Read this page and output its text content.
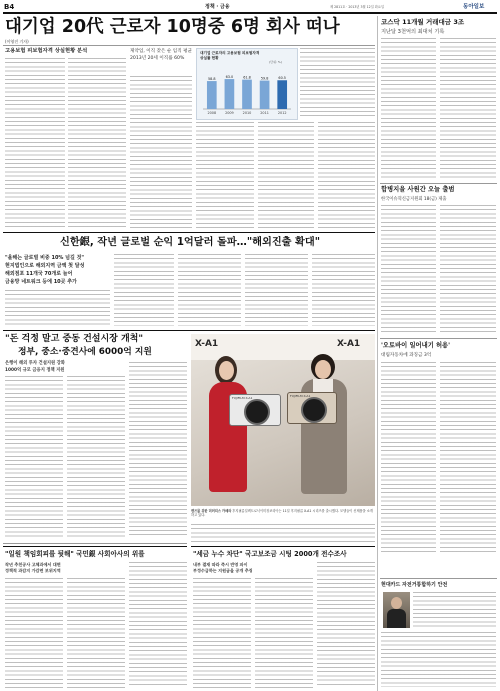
B4	정책 · 금융	제 2811호 · 2013년 3월 12일 화요일	동아일보
대기업 20代 근로자 10명중 6명 회사 떠나
(이영진 기자)
고용보험 피보험자격 상실현황 분석	제약업, 이직 잦은 순 임직 평균
2013년 20세 이직률 60%
대기업 근로자의 고용보험 피보험자격
상실률 현황
(단위: %)
58.8
2008
63.0
2009
61.8
2010
59.8
2011
60.5
2012
코스닥 11개월 거래대금 3조
지난달 3천억의 최대치 기록
합병지을 사원간 오늘 출범
한국이슈혁신금지원회 18(금) 제출
'오토바이 일어내기 허용'
대림자동차에 과징금 3억
현대카드 자전거통합하기 안전
신한銀, 작년 글로벌 순익 1억달러 돌파…"해외진출 확대"
"올해는 글로벌 비중 10% 넘길 것"
현지법인으로 해외지역 금액 첫 달성
해외점포 11개국 70개로 늘어
금융망 네트워크 등에 10곳 추가
"돈 걱정 말고 중동 건설시장 개척"
정부, 중소·중견사에 6000억 지원
은행이 해외 투자 건설지원 강화
1000억 규모 금융지 정책 지원
X-A1	X-A1
FUJIFILM X-A1	FUJIFILM X-A1
렌즈를 위한 미러리스 카메라 후지필름일렉트로닉이미징코리아는 11일 후지필름 X-A1 시리즈를 출시했다. 모델들이 신제품을 소개하고 있다.
"일원 책임회피를 뒷해" 국민銀 사회아사의 위를
작년 추천공사 고체과에서 대면
정책적 과감지 가감련 보위지역
"세금 누수 차단" 국고보조금 시팅 2000개 전수조사
내부 결재 따라 즉시 반영 파이
부정수급하는 지원금을 공개 추징
